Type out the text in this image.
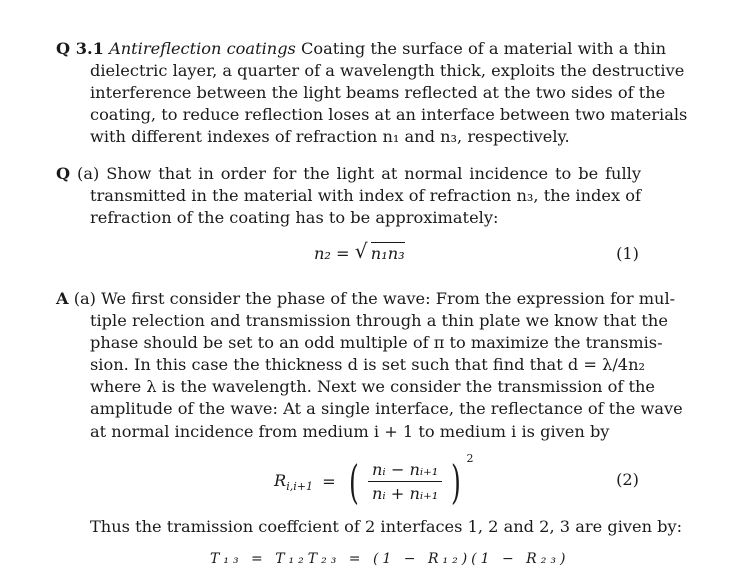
Q 3.1 Antireflection coatings Coating the surface of a material with a thin
dielectric layer, a quarter of a wavelength thick, exploits the destructive
interference between the light beams reflected at the two sides of the
coating, to reduce reflection loses at an interface between two materials
with different indexes of refraction n₁ and n₃, respectively.
Q (a) Show that in order for the light at normal incidence to be fully
transmitted in the material with index of refraction n₃, the index of
refraction of the coating has to be approximately:
n₂ = √ n₁n₃	(1)
A (a) We first consider the phase of the wave: From the expression for mul-
tiple relection and transmission through a thin plate we know that the
phase should be set to an odd multiple of π to maximize the transmis-
sion. In this case the thickness d is set such that find that d = λ/4n₂
where λ is the wavelength. Next we consider the transmission of the
amplitude of the wave: At a single interface, the reflectance of the wave
at normal incidence from medium i + 1 to medium i is given by
$R_{i,i+1}$ = ( $\frac{\text{nᵢ − nᵢ₊₁}}{\text{nᵢ + nᵢ₊₁}}$ ) $^2$
(2)
Thus the tramission coeffcient of 2 interfaces 1, 2 and 2, 3 are given by:
T₁₃ = T₁₂T₂₃ = (1 − R₁₂)(1 − R₂₃)
